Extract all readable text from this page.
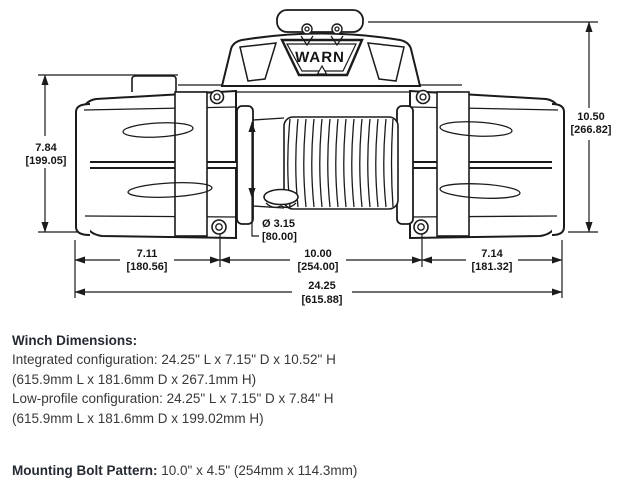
WARN
7.84
[199.05]
10.50
[266.82]
Ø 3.15
[80.00]
7.11
[180.56]
10.00
[254.00]
7.14
[181.32]
24.25
[615.88]
Winch Dimensions:
Integrated configuration: 24.25" L x 7.15" D x 10.52" H
(615.9mm L x 181.6mm D x 267.1mm H)
Low-profile configuration: 24.25" L x 7.15" D x 7.84" H
(615.9mm L x 181.6mm D x 199.02mm H)
Mounting Bolt Pattern: 10.0" x 4.5" (254mm x 114.3mm)
